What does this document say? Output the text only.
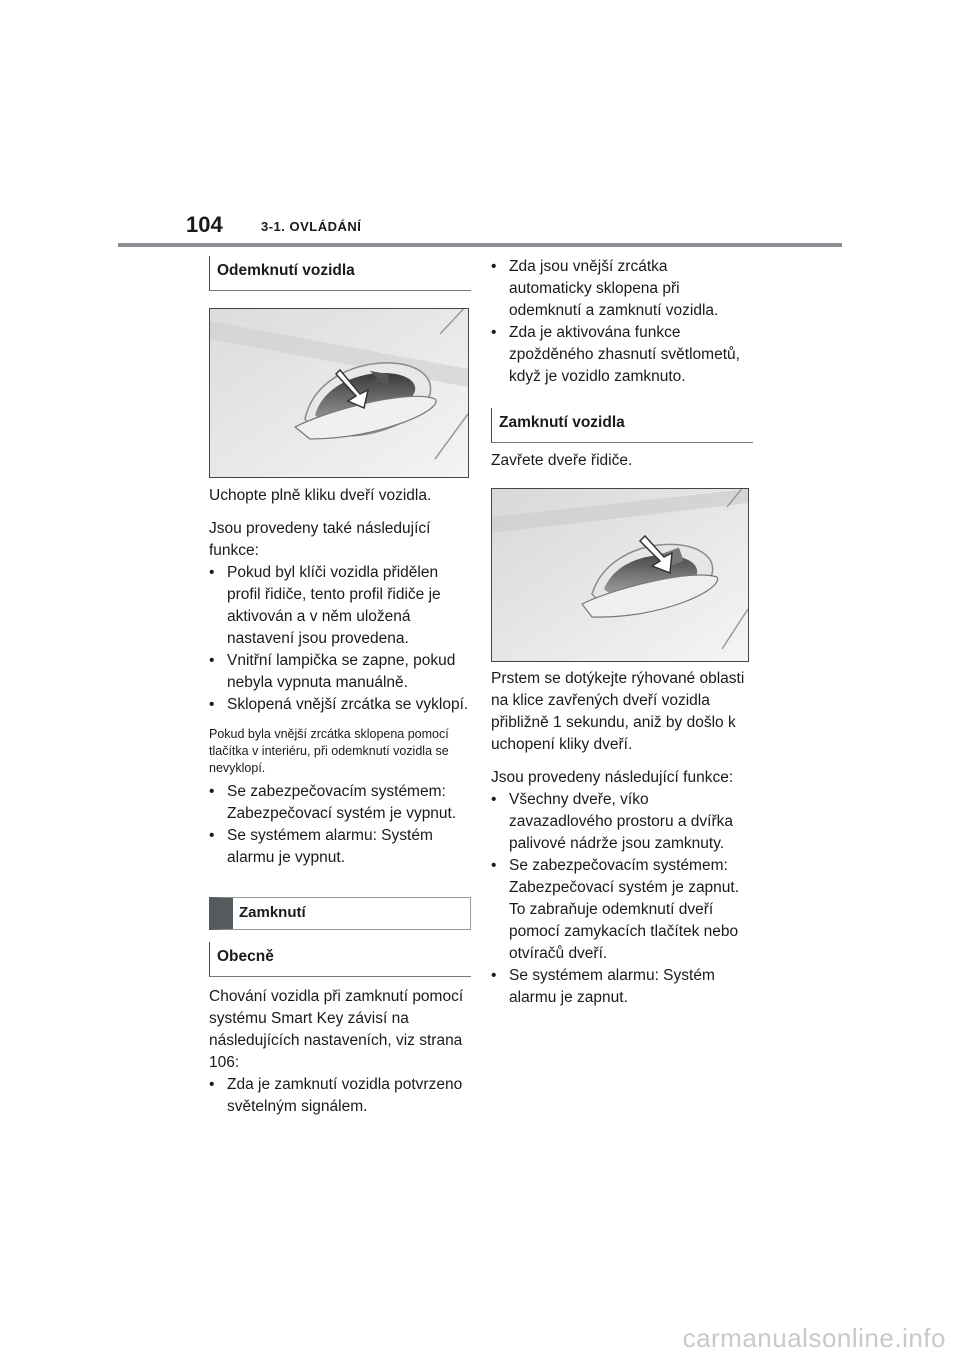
104	3-1. OVLÁDÁNÍ
Odemknutí vozidla

Uchopte plně kliku dveří vozidla.

Jsou provedeny také následující funkce:

• Pokud byl klíči vozidla přidělen profil řidiče, tento profil řidiče je aktivován a v něm uložená nastavení jsou provedena.
• Vnitřní lampička se zapne, pokud nebyla vypnuta manuálně.
• Sklopená vnější zrcátka se vyklopí.

Pokud byla vnější zrcátka sklopena pomocí tlačítka v interiéru, při odemknutí vozidla se nevyklopí.

• Se zabezpečovacím systémem: Zabezpečovací systém je vypnut.
• Se systémem alarmu: Systém alarmu je vypnut.
Zamknutí
Obecně

Chování vozidla při zamknutí pomocí systému Smart Key závisí na následujících nastaveních, viz strana 106:

• Zda je zamknutí vozidla potvrzeno světelným signálem.
• Zda jsou vnější zrcátka automaticky sklopena při odemknutí a zamknutí vozidla.
• Zda je aktivována funkce zpožděného zhasnutí světlometů, když je vozidlo zamknuto.
Zamknutí vozidla

Zavřete dveře řidiče.

Prstem se dotýkejte rýhované oblasti na klice zavřených dveří vozidla přibližně 1 sekundu, aniž by došlo k uchopení kliky dveří.

Jsou provedeny následující funkce:

• Všechny dveře, víko zavazadlového prostoru a dvířka palivové nádrže jsou zamknuty.
• Se zabezpečovacím systémem: Zabezpečovací systém je zapnut. To zabraňuje odemknutí dveří pomocí zamykacích tlačítek nebo otvíračů dveří.
• Se systémem alarmu: Systém alarmu je zapnut.
carmanualsonline.info
